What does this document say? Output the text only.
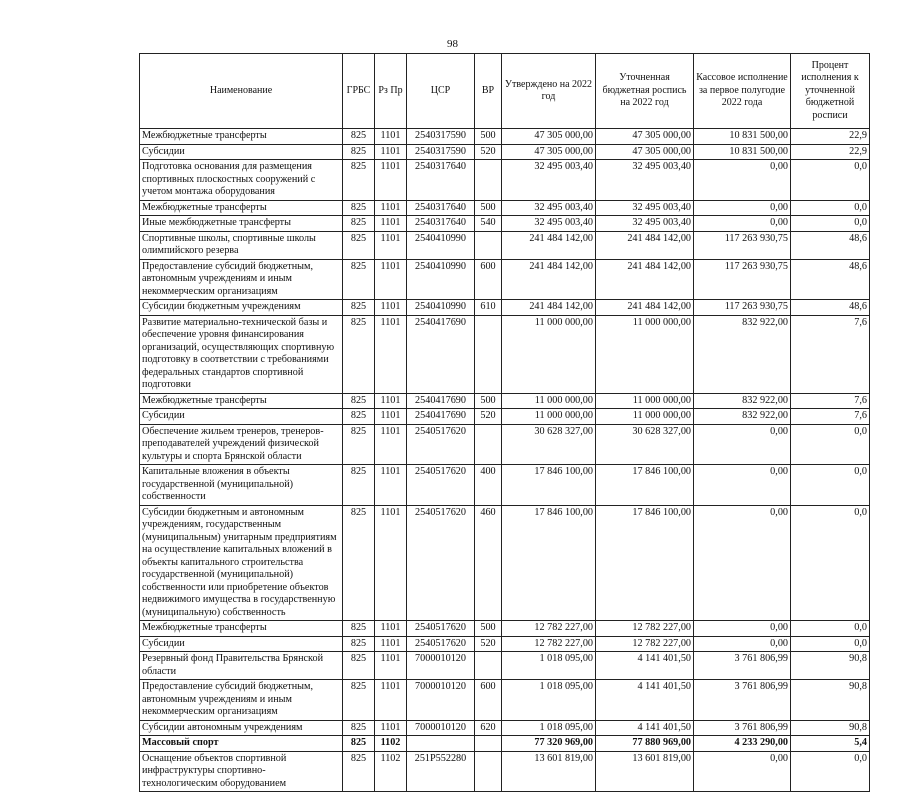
98
Наименование	ГРБС	Рз Пр	ЦСР	ВР	Утверждено на 2022 год	Уточненная бюджетная роспись на 2022 год	Кассовое исполнение за первое полугодие 2022 года	Процент исполнения к уточненной бюджетной росписи
Межбюджетные трансферты	825	1101	2540317590	500	47 305 000,00	47 305 000,00	10 831 500,00	22,9
Субсидии	825	1101	2540317590	520	47 305 000,00	47 305 000,00	10 831 500,00	22,9
Подготовка основания для размещения спортивных плоскостных сооружений с учетом монтажа оборудования	825	1101	2540317640		32 495 003,40	32 495 003,40	0,00	0,0
Межбюджетные трансферты	825	1101	2540317640	500	32 495 003,40	32 495 003,40	0,00	0,0
Иные межбюджетные трансферты	825	1101	2540317640	540	32 495 003,40	32 495 003,40	0,00	0,0
Спортивные школы, спортивные школы олимпийского резерва	825	1101	2540410990		241 484 142,00	241 484 142,00	117 263 930,75	48,6
Предоставление субсидий бюджетным, автономным учреждениям и иным некоммерческим организациям	825	1101	2540410990	600	241 484 142,00	241 484 142,00	117 263 930,75	48,6
Субсидии бюджетным учреждениям	825	1101	2540410990	610	241 484 142,00	241 484 142,00	117 263 930,75	48,6
Развитие материально-технической базы и обеспечение уровня финансирования организаций, осуществляющих спортивную подготовку в соответствии с требованиями федеральных стандартов спортивной подготовки	825	1101	2540417690		11 000 000,00	11 000 000,00	832 922,00	7,6
Межбюджетные трансферты	825	1101	2540417690	500	11 000 000,00	11 000 000,00	832 922,00	7,6
Субсидии	825	1101	2540417690	520	11 000 000,00	11 000 000,00	832 922,00	7,6
Обеспечение жильем тренеров, тренеров-преподавателей учреждений физической культуры и спорта Брянской области	825	1101	2540517620		30 628 327,00	30 628 327,00	0,00	0,0
Капитальные вложения в объекты государственной (муниципальной) собственности	825	1101	2540517620	400	17 846 100,00	17 846 100,00	0,00	0,0
Субсидии бюджетным и автономным учреждениям, государственным (муниципальным) унитарным предприятиям на осуществление капитальных вложений в объекты капитального строительства государственной (муниципальной) собственности или приобретение объектов недвижимого имущества в государственную (муниципальную) собственность	825	1101	2540517620	460	17 846 100,00	17 846 100,00	0,00	0,0
Межбюджетные трансферты	825	1101	2540517620	500	12 782 227,00	12 782 227,00	0,00	0,0
Субсидии	825	1101	2540517620	520	12 782 227,00	12 782 227,00	0,00	0,0
Резервный фонд Правительства Брянской области	825	1101	7000010120		1 018 095,00	4 141 401,50	3 761 806,99	90,8
Предоставление субсидий бюджетным, автономным учреждениям и иным некоммерческим организациям	825	1101	7000010120	600	1 018 095,00	4 141 401,50	3 761 806,99	90,8
Субсидии автономным учреждениям	825	1101	7000010120	620	1 018 095,00	4 141 401,50	3 761 806,99	90,8
Массовый спорт	825	1102			77 320 969,00	77 880 969,00	4 233 290,00	5,4
Оснащение объектов спортивной инфраструктуры спортивно-технологическим оборудованием	825	1102	251P552280		13 601 819,00	13 601 819,00	0,00	0,0
